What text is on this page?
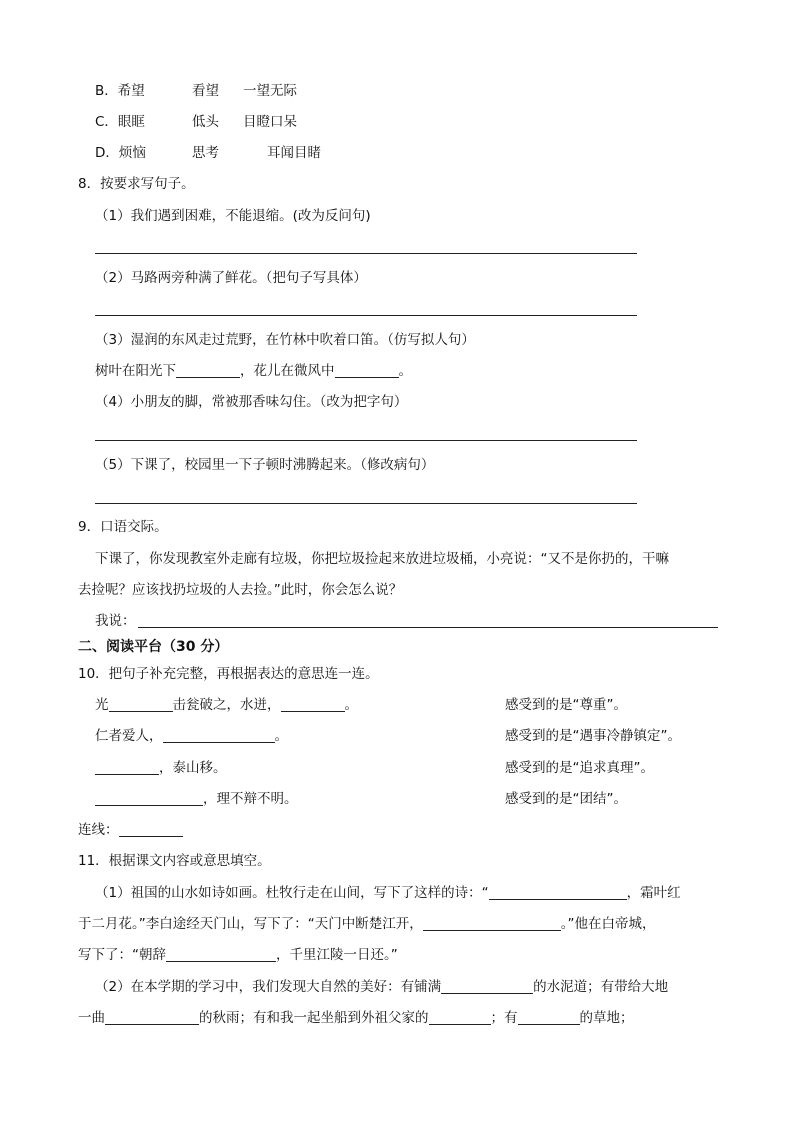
B．希望	看望 一望无际
C．眼眶	低头 目瞪口呆
D．烦恼	思考	耳闻目睹
8．按要求写句子。
（1）我们遇到困难，不能退缩。(改为反问句)
（2）马路两旁种满了鲜花。（把句子写具体）
（3）湿润的东风走过荒野，在竹林中吹着口笛。（仿写拟人句）
树叶在阳光下	，花儿在微风中	。
（4）小朋友的脚，常被那香味勾住。（改为把字句）
（5）下课了，校园里一下子顿时沸腾起来。（修改病句）
9．口语交际。
下课了，你发现教室外走廊有垃圾，你把垃圾捡起来放进垃圾桶，小亮说：“又不是你扔的，干嘛
去捡呢？应该找扔垃圾的人去捡。”此时，你会怎么说？
我说：
二、阅读平台（30 分）
10．把句子补充完整，再根据表达的意思连一连。
光	击瓮破之，水迸，	。	感受到的是“尊重”。
仁者爱人，	。	感受到的是“遇事冷静镇定”。
，泰山移。	感受到的是“追求真理”。
，理不辩不明。	感受到的是“团结”。
连线：
11．根据课文内容或意思填空。
（1）祖国的山水如诗如画。杜牧行走在山间，写下了这样的诗：“	，霜叶红
于二月花。”李白途经天门山，写下了：“天门中断楚江开，	。”他在白帝城，
写下了：“朝辞	，千里江陵一日还。”
（2）在本学期的学习中，我们发现大自然的美好：有铺满	的水泥道；有带给大地
一曲	的秋雨；有和我一起坐船到外祖父家的	；有	的草地；
